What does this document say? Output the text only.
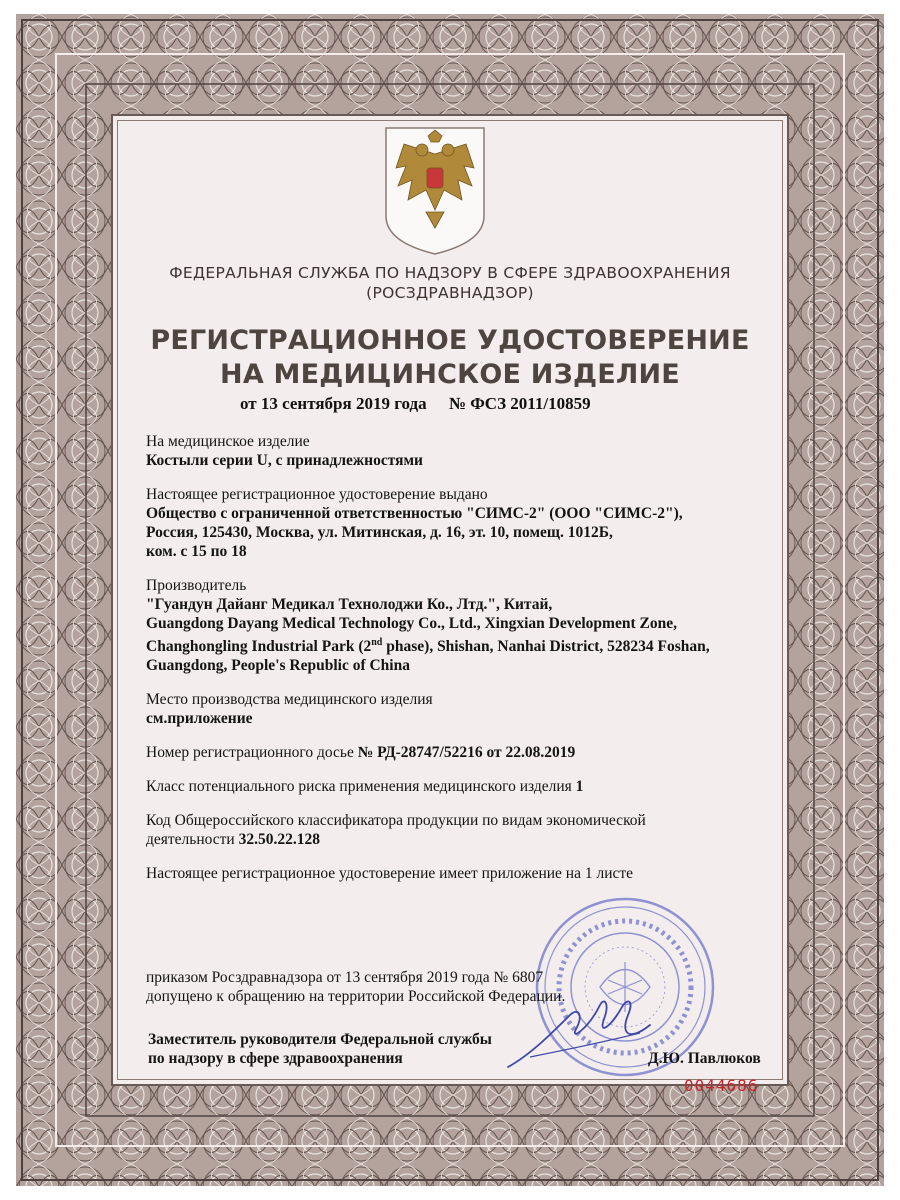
ФЕДЕРАЛЬНАЯ СЛУЖБА ПО НАДЗОРУ В СФЕРЕ ЗДРАВООХРАНЕНИЯ
(РОСЗДРАВНАДЗОР)
РЕГИСТРАЦИОННОЕ УДОСТОВЕРЕНИЕ
НА МЕДИЦИНСКОЕ ИЗДЕЛИЕ
от 13 сентября 2019 года № ФСЗ 2011/10859
На медицинское изделие
Костыли серии U, с принадлежностями
Настоящее регистрационное удостоверение выдано
Общество с ограниченной ответственностью "СИМС-2" (ООО "СИМС-2"),
Россия, 125430, Москва, ул. Митинская, д. 16, эт. 10, помещ. 1012Б,
ком. с 15 по 18
Производитель
"Гуандун Дайанг Медикал Технолоджи Ко., Лтд.", Китай,
Guangdong Dayang Medical Technology Co., Ltd., Xingxian Development Zone,
Changhongling Industrial Park (2nd phase), Shishan, Nanhai District, 528234 Foshan,
Guangdong, People's Republic of China
Место производства медицинского изделия
см.приложение
Номер регистрационного досье № РД-28747/52216 от 22.08.2019
Класс потенциального риска применения медицинского изделия 1
Код Общероссийского классификатора продукции по видам экономической
деятельности 32.50.22.128
Настоящее регистрационное удостоверение имеет приложение на 1 листе
приказом Росздравнадзора от 13 сентября 2019 года № 6807
допущено к обращению на территории Российской Федерации.
Заместитель руководителя Федеральной службы
по надзору в сфере здравоохранения	Д.Ю. Павлюков
0044686
